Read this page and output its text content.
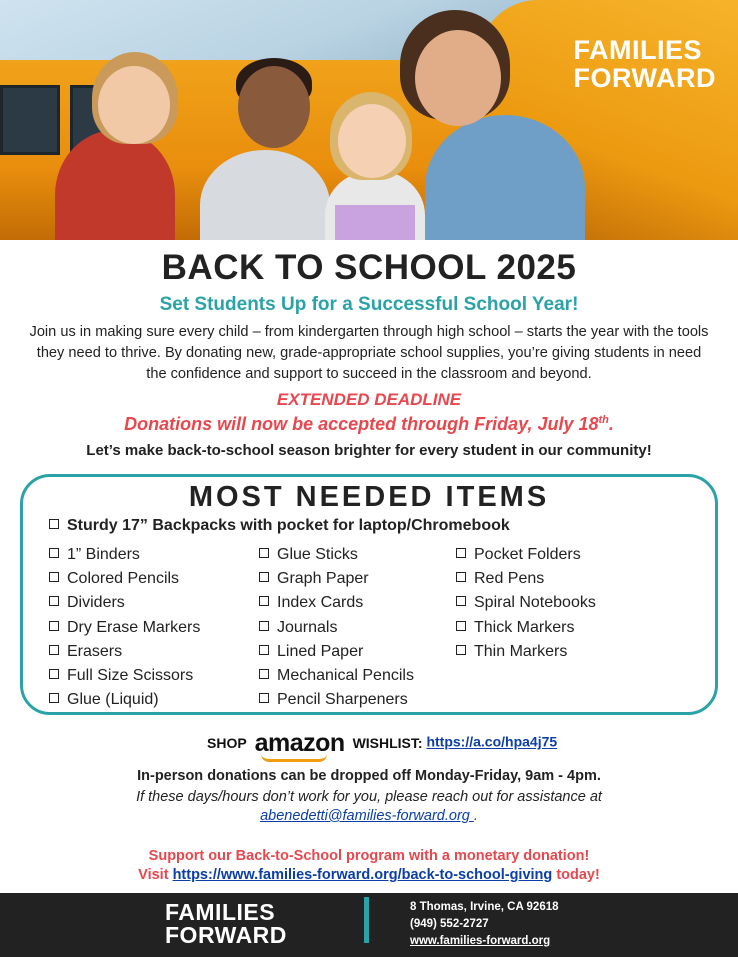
FAMILIES
FORWARD
BACK TO SCHOOL 2025
Set Students Up for a Successful School Year!
Join us in making sure every child – from kindergarten through high school – starts the year with the tools they need to thrive. By donating new, grade-appropriate school supplies, you’re giving students in need the confidence and support to succeed in the classroom and beyond.
EXTENDED DEADLINE
Donations will now be accepted through Friday, July 18th.
Let’s make back-to-school season brighter for every student in our community!
MOST NEEDED ITEMS
Sturdy 17” Backpacks with pocket for laptop/Chromebook
1” Binders
Colored Pencils
Dividers
Dry Erase Markers
Erasers
Full Size Scissors
Glue (Liquid)
Glue Sticks
Graph Paper
Index Cards
Journals
Lined Paper
Mechanical Pencils
Pencil Sharpeners
Pocket Folders
Red Pens
Spiral Notebooks
Thick Markers
Thin Markers
SHOP amazon WISHLIST: https://a.co/hpa4j75
In-person donations can be dropped off Monday-Friday, 9am - 4pm.
If these days/hours don’t work for you, please reach out for assistance at
abenedetti@families-forward.org .
Support our Back-to-School program with a monetary donation!
Visit https://www.families-forward.org/back-to-school-giving today!
FAMILIES
FORWARD
8 Thomas, Irvine, CA 92618
(949) 552-2727
www.families-forward.org
